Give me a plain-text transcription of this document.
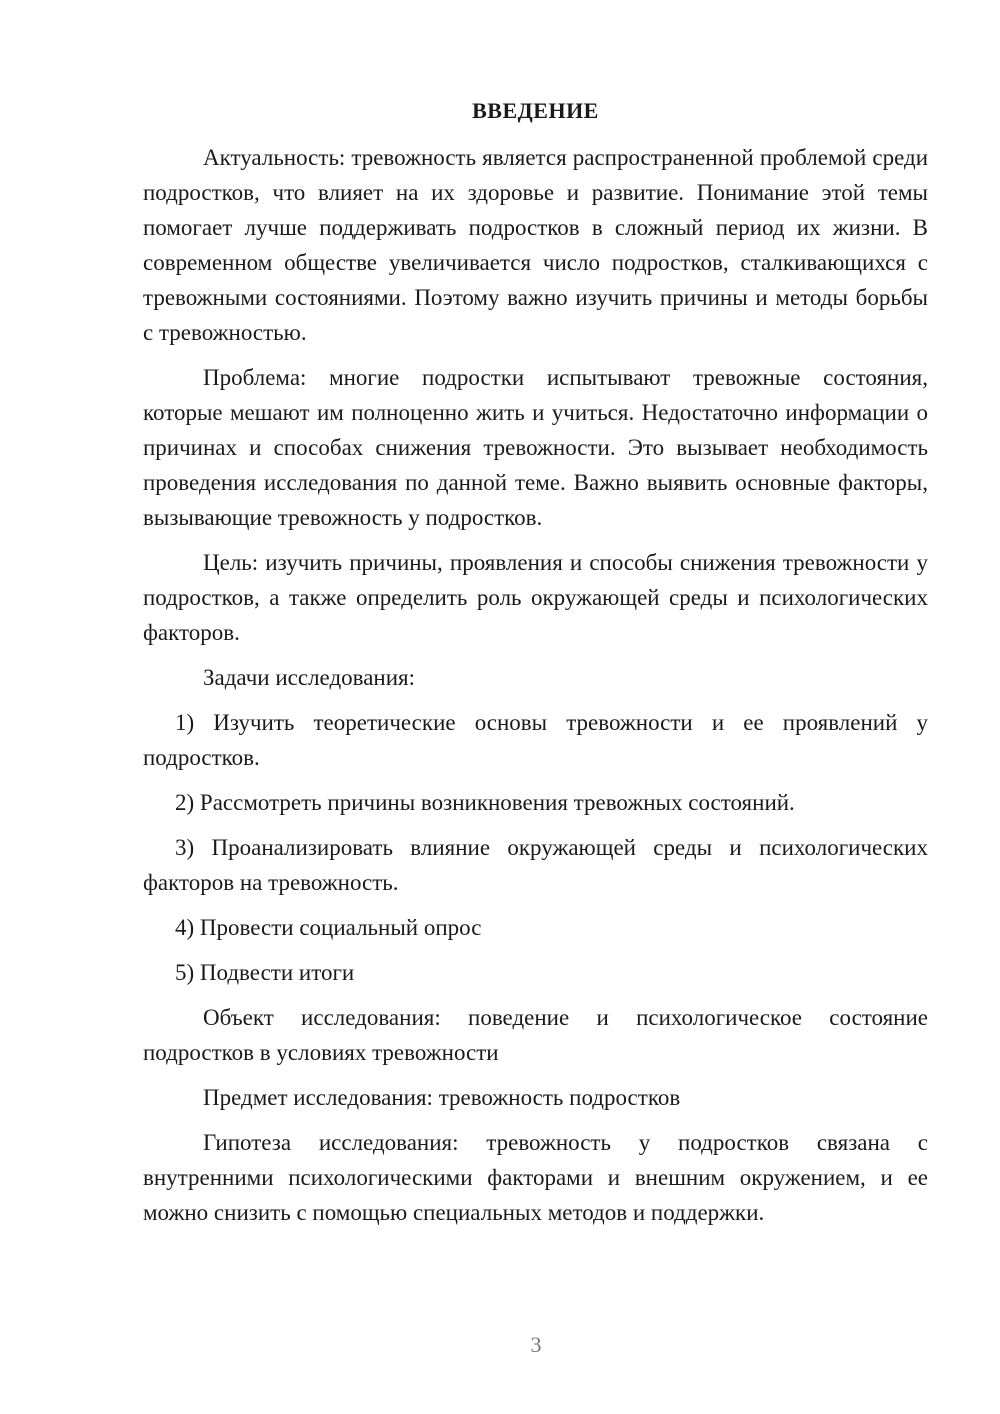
ВВЕДЕНИЕ

Актуальность: тревожность является распространенной проблемой среди подростков, что влияет на их здоровье и развитие. Понимание этой темы помогает лучше поддерживать подростков в сложный период их жизни. В современном обществе увеличивается число подростков, сталкивающихся с тревожными состояниями. Поэтому важно изучить причины и методы борьбы с тревожностью.

Проблема: многие подростки испытывают тревожные состояния, которые мешают им полноценно жить и учиться. Недостаточно информации о причинах и способах снижения тревожности. Это вызывает необходимость проведения исследования по данной теме. Важно выявить основные факторы, вызывающие тревожность у подростков.

Цель: изучить причины, проявления и способы снижения тревожности у подростков, а также определить роль окружающей среды и психологических факторов.

Задачи исследования:

1) Изучить теоретические основы тревожности и ее проявлений у подростков.

2) Рассмотреть причины возникновения тревожных состояний.

3) Проанализировать влияние окружающей среды и психологических факторов на тревожность.

4) Провести социальный опрос

5) Подвести итоги

Объект исследования: поведение и психологическое состояние подростков в условиях тревожности

Предмет исследования: тревожность подростков

Гипотеза исследования: тревожность у подростков связана с внутренними психологическими факторами и внешним окружением, и ее можно снизить с помощью специальных методов и поддержки.

3
